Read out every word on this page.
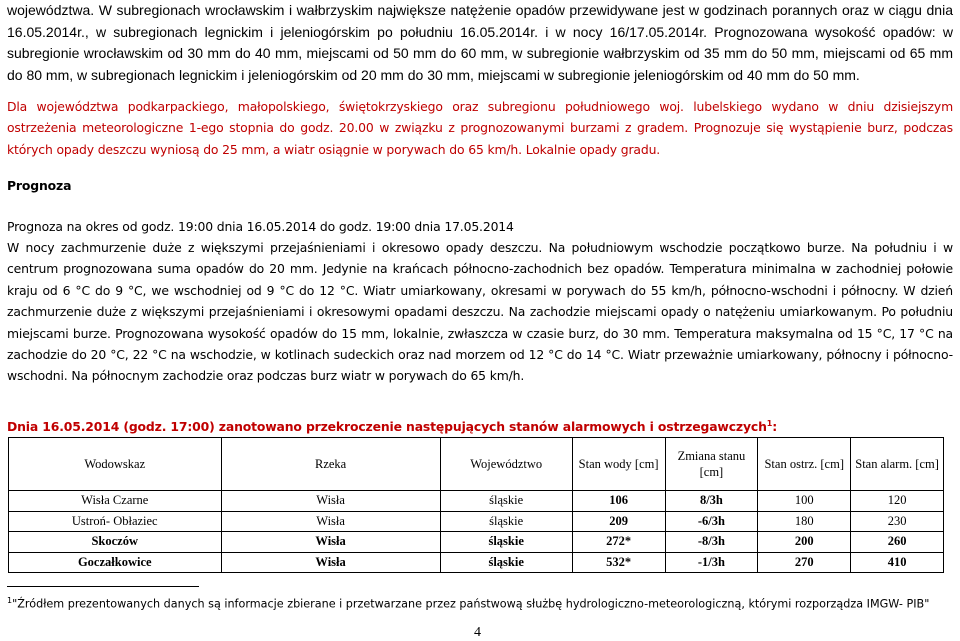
województwa. W subregionach wrocławskim i wałbrzyskim największe natężenie opadów przewidywane jest w godzinach porannych oraz w ciągu dnia 16.05.2014r., w subregionach legnickim i jeleniogórskim po południu 16.05.2014r. i w nocy 16/17.05.2014r. Prognozowana wysokość opadów: w subregionie wrocławskim od 30 mm do 40 mm, miejscami od 50 mm do 60 mm, w subregionie wałbrzyskim od 35 mm do 50 mm, miejscami od 65 mm do 80 mm, w subregionach legnickim i jeleniogórskim od 20 mm do 30 mm, miejscami w subregionie jeleniogórskim od 40 mm do 50 mm.
Dla województwa podkarpackiego, małopolskiego, świętokrzyskiego oraz subregionu południowego woj. lubelskiego wydano w dniu dzisiejszym ostrzeżenia meteorologiczne 1-ego stopnia do godz. 20.00 w związku z prognozowanymi burzami z gradem. Prognozuje się wystąpienie burz, podczas których opady deszczu wyniosą do 25 mm, a wiatr osiągnie w porywach do 65 km/h. Lokalnie opady gradu.
Prognoza
Prognoza na okres od godz. 19:00 dnia 16.05.2014 do godz. 19:00 dnia 17.05.2014
W nocy zachmurzenie duże z większymi przejaśnieniami i okresowo opady deszczu. Na południowym wschodzie początkowo burze. Na południu i w centrum prognozowana suma opadów do 20 mm. Jedynie na krańcach północno-zachodnich bez opadów. Temperatura minimalna w zachodniej połowie kraju od 6 °C do 9 °C, we wschodniej od 9 °C do 12 °C. Wiatr umiarkowany, okresami w porywach do 55 km/h, północno-wschodni i północny. W dzień zachmurzenie duże z większymi przejaśnieniami i okresowymi opadami deszczu. Na zachodzie miejscami opady o natężeniu umiarkowanym. Po południu miejscami burze. Prognozowana wysokość opadów do 15 mm, lokalnie, zwłaszcza w czasie burz, do 30 mm. Temperatura maksymalna od 15 °C, 17 °C na zachodzie do 20 °C, 22 °C na wschodzie, w kotlinach sudeckich oraz nad morzem od 12 °C do 14 °C. Wiatr przeważnie umiarkowany, północny i północno-wschodni. Na północnym zachodzie oraz podczas burz wiatr w porywach do 65 km/h.
Dnia 16.05.2014 (godz. 17:00) zanotowano przekroczenie następujących stanów alarmowych i ostrzegawczych$^1$:
Wodowskaz	Rzeka	Województwo	Stan wody [cm]	Zmiana stanu [cm]	Stan ostrz. [cm]	Stan alarm. [cm]
Wisła Czarne	Wisła	śląskie	106	8/3h	100	120
Ustroń- Obłaziec	Wisła	śląskie	209	-6/3h	180	230
Skoczów	Wisła	śląskie	272*	-8/3h	200	260
Goczałkowice	Wisła	śląskie	532*	-1/3h	270	410
$^1$"Źródłem prezentowanych danych są informacje zbierane i przetwarzane przez państwową służbę hydrologiczno-meteorologiczną, którymi rozporządza IMGW- PIB"
4
